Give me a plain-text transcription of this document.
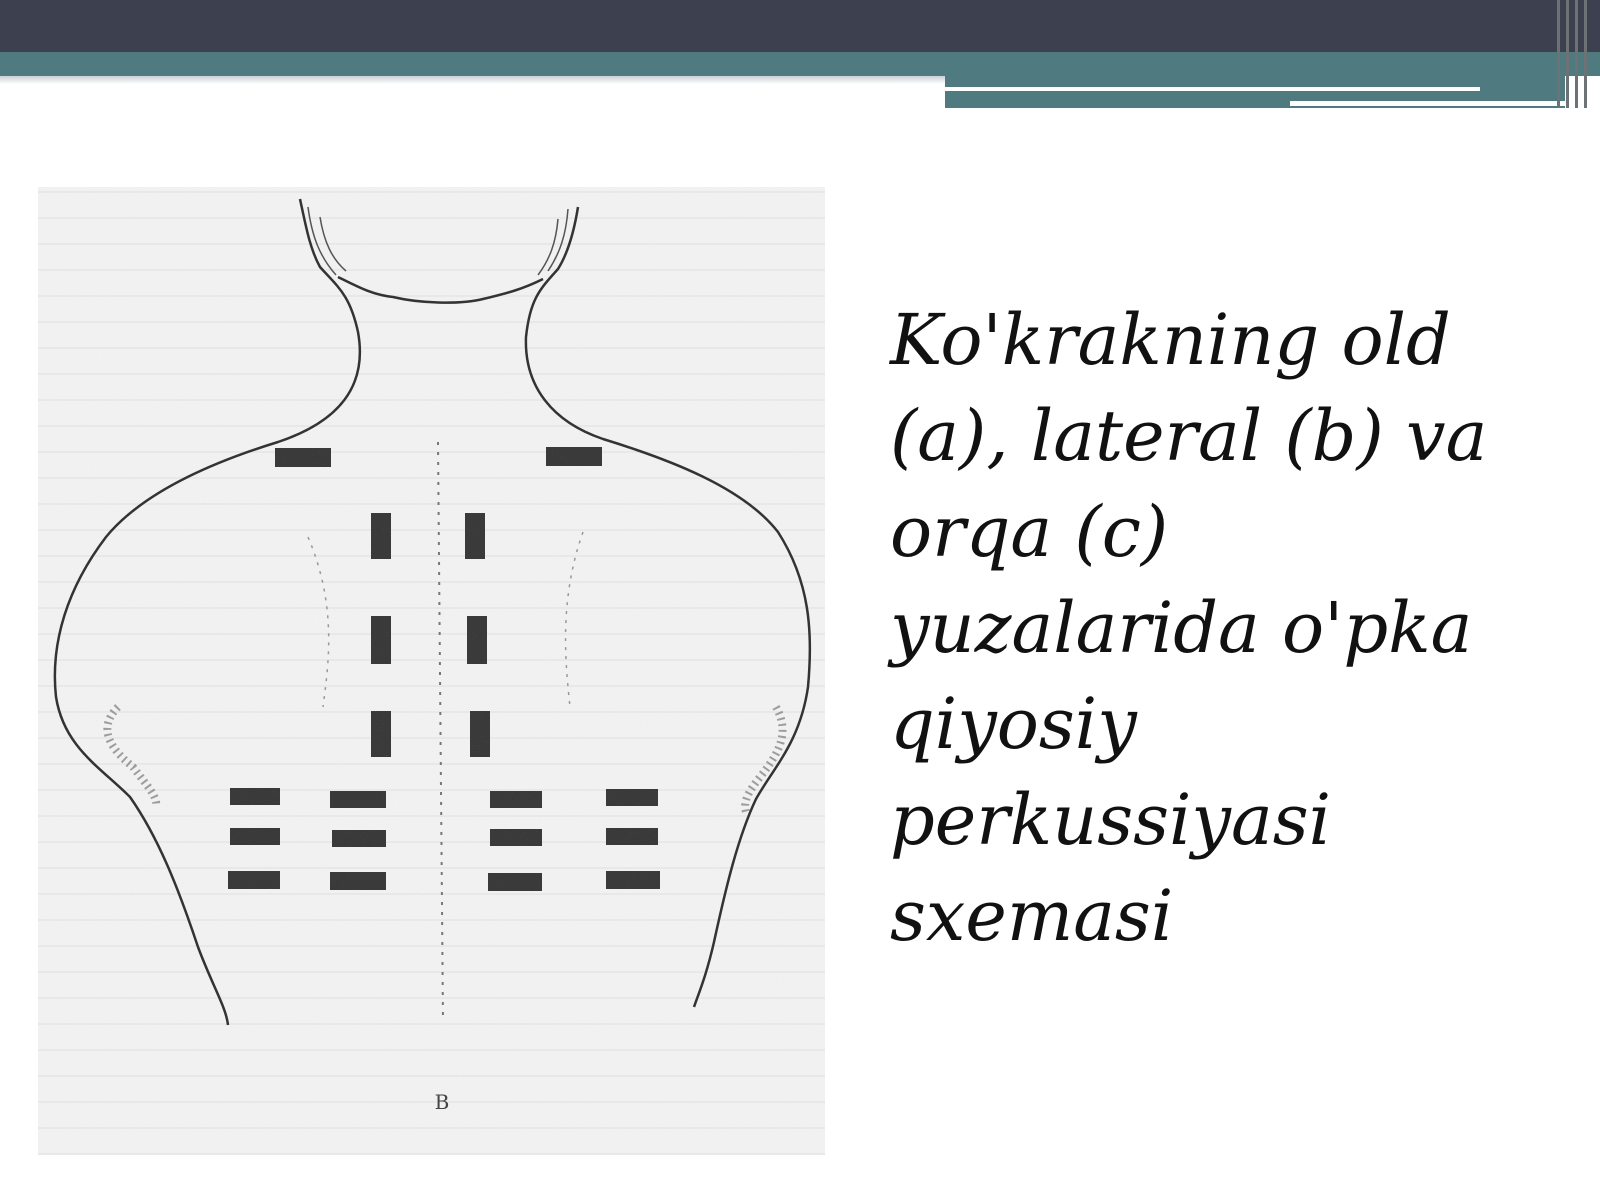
Ko'krakning old
(a), lateral (b) va
orqa (c)
yuzalarida o'pka
qiyosiy
perkussiyasi
sxemasi
